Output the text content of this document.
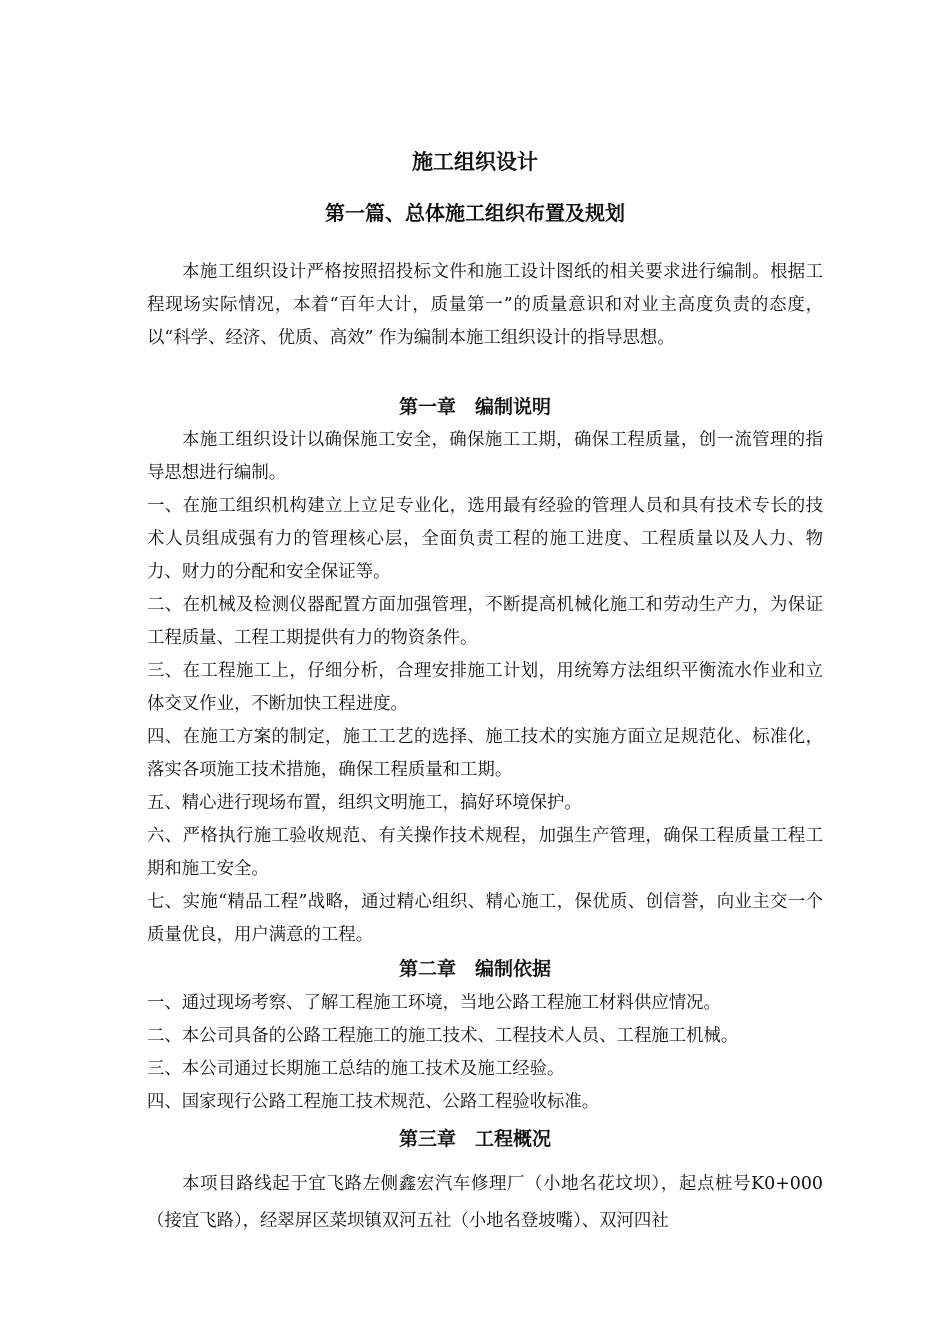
施工组织设计
第一篇、总体施工组织布置及规划

本施工组织设计严格按照招投标文件和施工设计图纸的相关要求进行编制。根据工程现场实际情况，本着“百年大计，质量第一”的质量意识和对业主高度负责的态度，以“科学、经济、优质、高效” 作为编制本施工组织设计的指导思想。

第一章　编制说明

本施工组织设计以确保施工安全，确保施工工期，确保工程质量，创一流管理的指导思想进行编制。

一、在施工组织机构建立上立足专业化，选用最有经验的管理人员和具有技术专长的技术人员组成强有力的管理核心层，全面负责工程的施工进度、工程质量以及人力、物力、财力的分配和安全保证等。

二、在机械及检测仪器配置方面加强管理，不断提高机械化施工和劳动生产力，为保证工程质量、工程工期提供有力的物资条件。

三、在工程施工上，仔细分析，合理安排施工计划，用统筹方法组织平衡流水作业和立体交叉作业，不断加快工程进度。

四、在施工方案的制定，施工工艺的选择、施工技术的实施方面立足规范化、标准化，落实各项施工技术措施，确保工程质量和工期。

五、精心进行现场布置，组织文明施工，搞好环境保护。

六、严格执行施工验收规范、有关操作技术规程，加强生产管理，确保工程质量工程工期和施工安全。

七、实施“精品工程”战略，通过精心组织、精心施工，保优质、创信誉，向业主交一个质量优良，用户满意的工程。

第二章　编制依据

一、通过现场考察、了解工程施工环境，当地公路工程施工材料供应情况。

二、本公司具备的公路工程施工的施工技术、工程技术人员、工程施工机械。

三、本公司通过长期施工总结的施工技术及施工经验。

四、国家现行公路工程施工技术规范、公路工程验收标准。

第三章　工程概况

本项目路线起于宜飞路左侧鑫宏汽车修理厂（小地名花坟坝），起点桩号K0+000（接宜飞路），经翠屏区菜坝镇双河五社（小地名登坡嘴）、双河四社
